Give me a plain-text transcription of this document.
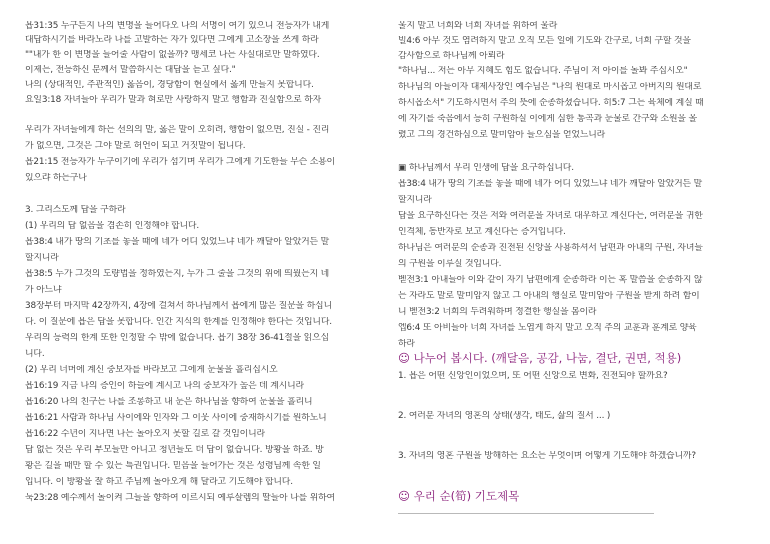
욥31:35 누구든지 나의 변명을 들어다오 나의 서명이 여기 있으니 전능자가 내게
대답하시기를 바라노라 나를 고발하는 자가 있다면 그에게 고소장을 쓰게 하라
""내가 한 이 변명을 들어줄 사람이 없을까? 맹세코 나는 사실대로만 말하였다.
이제는, 전능하신 분께서 말씀하시는 대답을 듣고 싶다."
나의 (상대적인, 주관적인) 옳음이, 경당함이 현실에서 옳게 만들지 못합니다.
요일3:18 자녀들아 우리가 말과 혀로만 사랑하지 말고 행함과 진실함으로 하자
우리가 자녀들에게 하는 선의의 말, 옳은 말이 오히려, 행함이 없으면, 진실 - 진리
가 없으면, 그것은 그야 말로 허언이 되고 거짓말이 됩니다.
욥21:15 전능자가 누구이기에 우리가 섬기며 우리가 그에게 기도한들 무슨 소용이
있으랴 하는구나
3. 그리스도께 답을 구하라
(1) 우리의 답 없음을 겸손히 인정해야 합니다.
욥38:4 내가 땅의 기초를 놓을 때에 네가 어디 있었느냐 네가 깨달아 알았거든 말
할지니라
욥38:5 누가 그것의 도량법을 정하였는지, 누가 그 줄을 그것의 위에 띄웠는지 네
가 아느냐
38장부터 마지막 42장까지, 4장에 걸쳐서 하나님께서 욥에게 많은 질문을 하십니
다. 이 질문에 욥은 답을 못합니다. 인간 지식의 한계를 인정해야 한다는 것입니다.
우리의 능력의 한계 또한 인정할 수 밖에 없습니다. 욥기 38장 36-41절을 읽으십
니다.
(2) 우리 너머에 계신 중보자를 바라보고 그에게 눈물을 흘리십시오
욥16:19 지금 나의 증인이 하늘에 계시고 나의 중보자가 높은 데 계시니라
욥16:20 나의 친구는 나를 조롱하고 내 눈은 하나님을 향하여 눈물을 흘리니
욥16:21 사람과 하나님 사이에와 인자와 그 이웃 사이에 중재하시기를 원하노니
욥16:22 수년이 지나면 나는 돌아오지 못할 길로 갈 것임이니라
답 없는 것은 우리 부모들만 아니고 청년들도 더 답이 없습니다. 방황을 하죠. 방
황은 길을 때만 할 수 있는 특권입니다. 믿음을 들어가는 것은 성령님께 속한 일
입니다. 이 방황을 잘 하고 주님께 돌아오게 해 달라고 기도해야 합니다.
눅23:28 예수께서 돌이켜 그들을 향하여 이르시되 예루살렘의 딸들아 나를 위하여
울지 말고 너희와 너희 자녀를 위하여 울라
빌4:6 아무 것도 염려하지 말고 오직 모든 일에 기도와 간구로, 너희 구할 것을
감사함으로 하나님께 아뢰라
"하나님... 저는 아무 지혜도 힘도 없습니다. 주님이 저 아이를 돌봐 주십시오"
하나님의 아들이자 대제사장인 예수님은 "나의 원대로 마시옵고 아버지의 원대로
하시옵소서" 기도하시면서 주의 뜻에 순종하셨습니다. 히5:7 그는 육체에 계실 때
에 자기를 죽음에서 능히 구원하실 이에게 심한 통곡과 눈물로 간구와 소원을 올
렸고 그의 경건하심으로 말미암아 들으심을 얻었느니라
▣ 하나님께서 우리 인생에 답을 요구하십니다.
욥38:4 내가 땅의 기초를 놓을 때에 네가 어디 있었느냐 네가 깨달아 알았거든 말
할지니라
답을 요구하신다는 것은 저와 여러분을 자녀로 대우하고 계신다는, 여러분을 귀한
인격체, 동반자로 보고 계신다는 증거입니다.
하나님은 여러분의 순종과 진전된 신앙을 사용하셔서 남편과 아내의 구원, 자녀들
의 구원을 이루실 것입니다.
벧전3:1 아내들아 이와 같이 자기 남편에게 순종하라 이는 혹 말씀을 순종하지 않
는 자라도 말로 말미암지 않고 그 아내의 행실로 말미암아 구원을 받게 하려 함이
니 벧전3:2 너희의 두려워하며 정결한 행실을 봄이라
엡6:4 또 아비들아 너희 자녀를 노엽게 하지 말고 오직 주의 교훈과 훈계로 양육
하라
☺ 나누어 봅시다. (깨달음, 공감, 나눔, 결단, 권면, 적용)
1. 욥은 어떤 신앙인이었으며, 또 어떤 신앙으로 변화, 진전되야 할까요?
2. 여러분 자녀의 영혼의 상태(생각, 태도, 삶의 질서 ... )
3. 자녀의 영혼 구원을 방해하는 요소는 무엇이며 어떻게 기도해야 하겠습니까?
☺ 우리 순(筍) 기도제목
